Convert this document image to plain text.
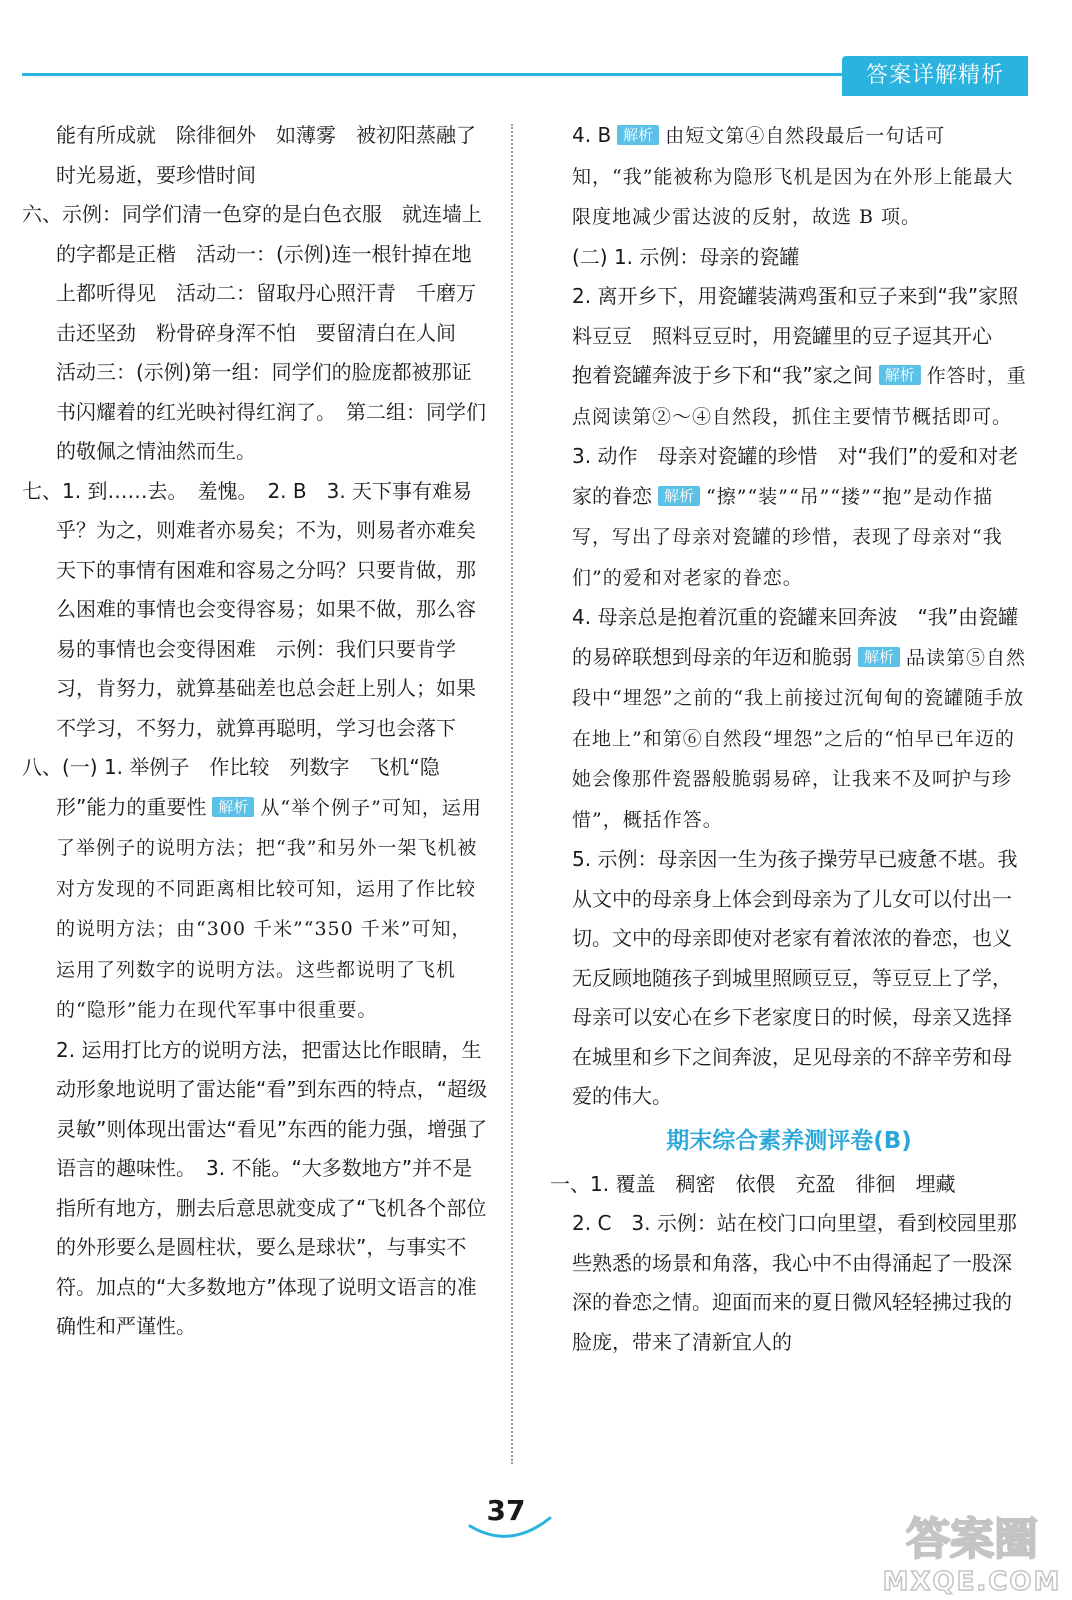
答案详解精析

能有所成就　除徘徊外　如薄雾　被初阳蒸融了　时光易逝，要珍惜时间

六、示例：同学们清一色穿的是白色衣服　就连墙上的字都是正楷　活动一：(示例)连一根针掉在地上都听得见　活动二：留取丹心照汗青　千磨万击还坚劲　粉骨碎身浑不怕　要留清白在人间　活动三：(示例)第一组：同学们的脸庞都被那证书闪耀着的红光映衬得红润了。　第二组：同学们的敬佩之情油然而生。

七、1. 到……去。　羞愧。　2. B　3. 天下事有难易乎？为之，则难者亦易矣；不为，则易者亦难矣　天下的事情有困难和容易之分吗？只要肯做，那么困难的事情也会变得容易；如果不做，那么容易的事情也会变得困难　示例：我们只要肯学习，肯努力，就算基础差也总会赶上别人；如果不学习，不努力，就算再聪明，学习也会落下

八、(一) 1. 举例子　作比较　列数字　飞机“隐形”能力的重要性 解析 从“举个例子”可知，运用了举例子的说明方法；把“我”和另外一架飞机被对方发现的不同距离相比较可知，运用了作比较的说明方法；由“300 千米”“350 千米”可知，运用了列数字的说明方法。这些都说明了飞机的“隐形”能力在现代军事中很重要。

2. 运用打比方的说明方法，把雷达比作眼睛，生动形象地说明了雷达能“看”到东西的特点，“超级灵敏”则体现出雷达“看见”东西的能力强，增强了语言的趣味性。　3. 不能。“大多数地方”并不是指所有地方，删去后意思就变成了“飞机各个部位的外形要么是圆柱状，要么是球状”，与事实不符。加点的“大多数地方”体现了说明文语言的准确性和严谨性。

4. B 解析 由短文第④自然段最后一句话可知，“我”能被称为隐形飞机是因为在外形上能最大限度地减少雷达波的反射，故选 B 项。

(二) 1. 示例：母亲的瓷罐

2. 离开乡下，用瓷罐装满鸡蛋和豆子来到“我”家照料豆豆　照料豆豆时，用瓷罐里的豆子逗其开心　抱着瓷罐奔波于乡下和“我”家之间 解析 作答时，重点阅读第②～④自然段，抓住主要情节概括即可。

3. 动作　母亲对瓷罐的珍惜　对“我们”的爱和对老家的眷恋 解析 “擦”“装”“吊”“搂”“抱”是动作描写，写出了母亲对瓷罐的珍惜，表现了母亲对“我们”的爱和对老家的眷恋。

4. 母亲总是抱着沉重的瓷罐来回奔波　“我”由瓷罐的易碎联想到母亲的年迈和脆弱 解析 品读第⑤自然段中“埋怨”之前的“我上前接过沉甸甸的瓷罐随手放在地上”和第⑥自然段“埋怨”之后的“怕早已年迈的她会像那件瓷器般脆弱易碎，让我来不及呵护与珍惜”，概括作答。

5. 示例：母亲因一生为孩子操劳早已疲惫不堪。我从文中的母亲身上体会到母亲为了儿女可以付出一切。文中的母亲即使对老家有着浓浓的眷恋，也义无反顾地随孩子到城里照顾豆豆，等豆豆上了学，母亲可以安心在乡下老家度日的时候，母亲又选择在城里和乡下之间奔波，足见母亲的不辞辛劳和母爱的伟大。

期末综合素养测评卷(B)

一、1. 覆盖　稠密　依偎　充盈　徘徊　埋藏

2. C　3. 示例：站在校门口向里望，看到校园里那些熟悉的场景和角落，我心中不由得涌起了一股深深的眷恋之情。迎面而来的夏日微风轻轻拂过我的脸庞，带来了清新宜人的

37
答案圈
MXQE.COM
